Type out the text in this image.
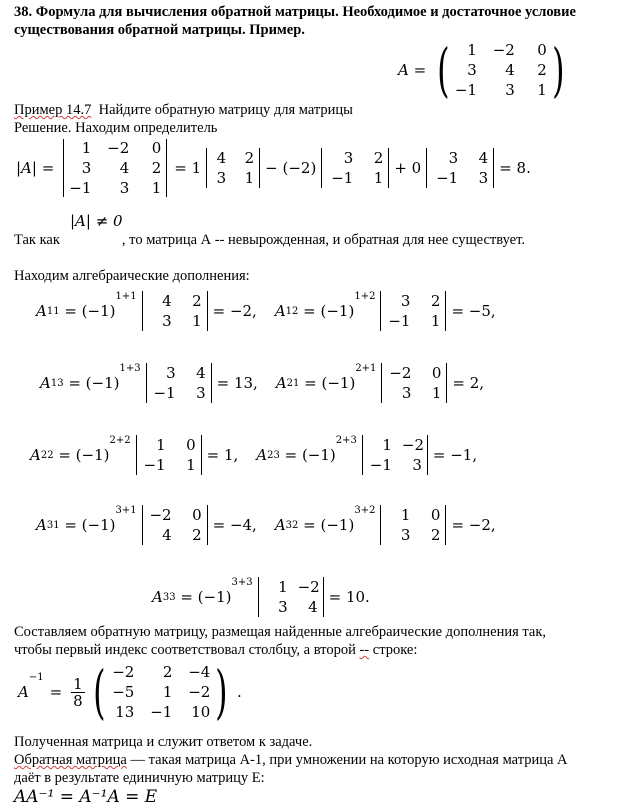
38. Формула для вычисления обратной матрицы. Необходимое и достаточное условие
существования обратной матрицы. Пример.
A = (	1	−2	0
3	4	2
−1	3	1 )
Пример 14.7  Найдите обратную матрицу для матрицы
Решение. Находим определитель
|A| =
1	−2	0
3	4	2
−1	3	1
= 1
4	2
3	1
− (−2)
3	2
−1	1
+ 0
3	4
−1	3
= 8.
|A| ≠ 0
Так как	, то матрица А -- невырожденная, и обратная для нее существует.
Находим алгебраические дополнения:
A 11 = (−1)
1+1	4	2
3	1
= −2, A 12 = (−1)
1+2	3	2
−1	1
= −5,
A 13 = (−1)
1+3	3	4
−1	3
= 13, A 21 = (−1)
2+1 −2	0
3	1
= 2,
A 22 = (−1)
2+2	1	0
−1	1
= 1, A 23 = (−1)
2+3	1 −2
−1	3
= −1,
A 31 = (−1)
3+1 −2	0
4	2
= −4, A 32 = (−1)
3+2	1	0
3	2
= −2,
A 33 = (−1)
3+3	1 −2
3	4
= 10.
Составляем обратную матрицу, размещая найденные алгебраические дополнения так,
чтобы первый индекс соответствовал столбцу, а второй -- строке:
A
−1
= $\frac{1}{8}$ ( −2	2	−4
−5	1	−2
13	−1	10 ) .
Полученная матрица и служит ответом к задаче.
Обратная матрица — такая матрица A-1, при умножении на которую исходная матрица A
даёт в результате единичную матрицу E:
AA⁻¹ = A⁻¹A = E
